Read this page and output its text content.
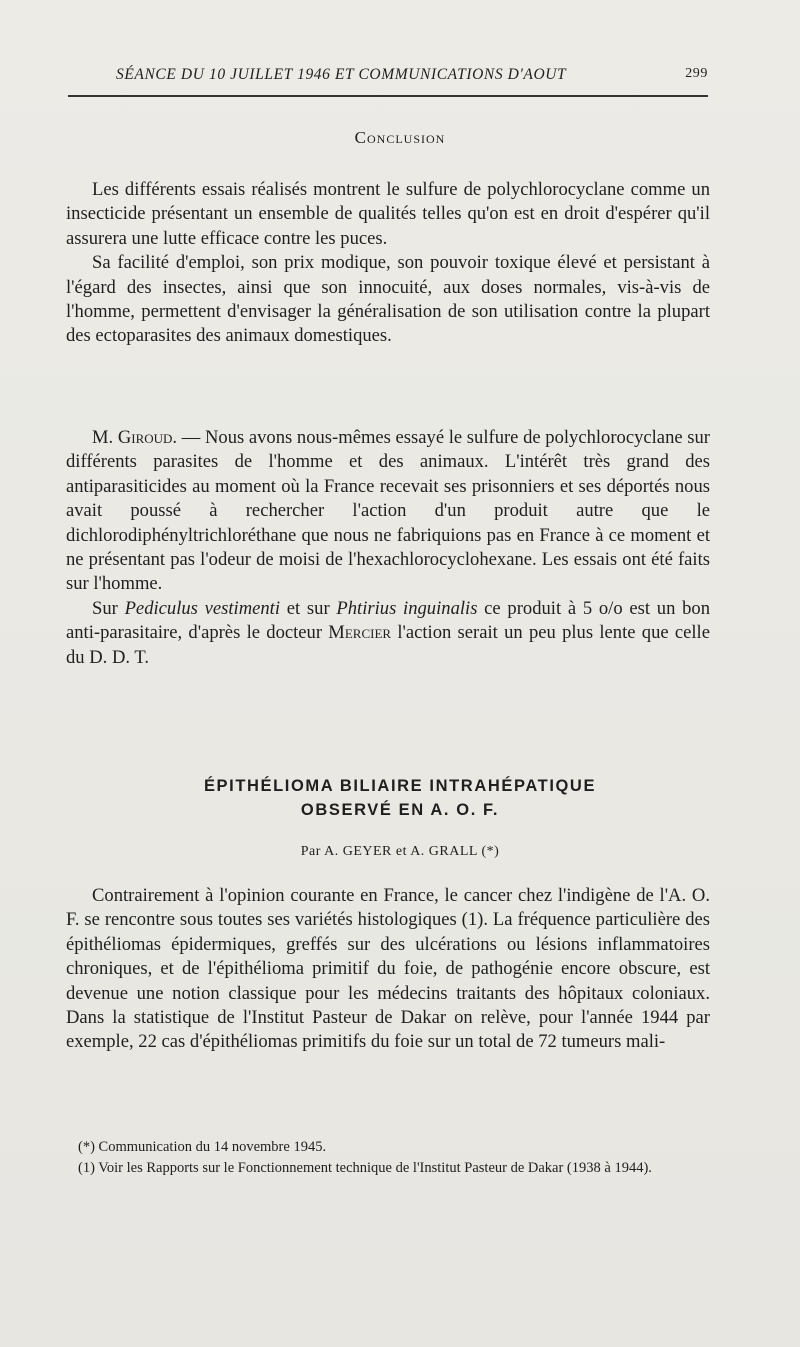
SÉANCE DU 10 JUILLET 1946 ET COMMUNICATIONS D'AOUT	299
Conclusion

Les différents essais réalisés montrent le sulfure de polychlorocyclane comme un insecticide présentant un ensemble de qualités telles qu'on est en droit d'espérer qu'il assurera une lutte efficace contre les puces.

Sa facilité d'emploi, son prix modique, son pouvoir toxique élevé et persistant à l'égard des insectes, ainsi que son innocuité, aux doses normales, vis-à-vis de l'homme, permettent d'envisager la généralisation de son utilisation contre la plupart des ectoparasites des animaux domestiques.

M. Giroud. — Nous avons nous-mêmes essayé le sulfure de polychlorocyclane sur différents parasites de l'homme et des animaux. L'intérêt très grand des antiparasiticides au moment où la France recevait ses prisonniers et ses déportés nous avait poussé à rechercher l'action d'un produit autre que le dichlorodiphényltrichloréthane que nous ne fabriquions pas en France à ce moment et ne présentant pas l'odeur de moisi de l'hexachlorocyclohexane. Les essais ont été faits sur l'homme.

Sur Pediculus vestimenti et sur Phtirius inguinalis ce produit à 5 o/o est un bon anti-parasitaire, d'après le docteur Mercier l'action serait un peu plus lente que celle du D. D. T.

ÉPITHÉLIOMA BILIAIRE INTRAHÉPATIQUE
OBSERVÉ EN A. O. F.
Par A. GEYER et A. GRALL (*)

Contrairement à l'opinion courante en France, le cancer chez l'indigène de l'A. O. F. se rencontre sous toutes ses variétés histologiques (1). La fréquence particulière des épithéliomas épidermiques, greffés sur des ulcérations ou lésions inflammatoires chroniques, et de l'épithélioma primitif du foie, de pathogénie encore obscure, est devenue une notion classique pour les médecins traitants des hôpitaux coloniaux. Dans la statistique de l'Institut Pasteur de Dakar on relève, pour l'année 1944 par exemple, 22 cas d'épithéliomas primitifs du foie sur un total de 72 tumeurs mali-

(*) Communication du 14 novembre 1945.

(1) Voir les Rapports sur le Fonctionnement technique de l'Institut Pasteur de Dakar (1938 à 1944).
